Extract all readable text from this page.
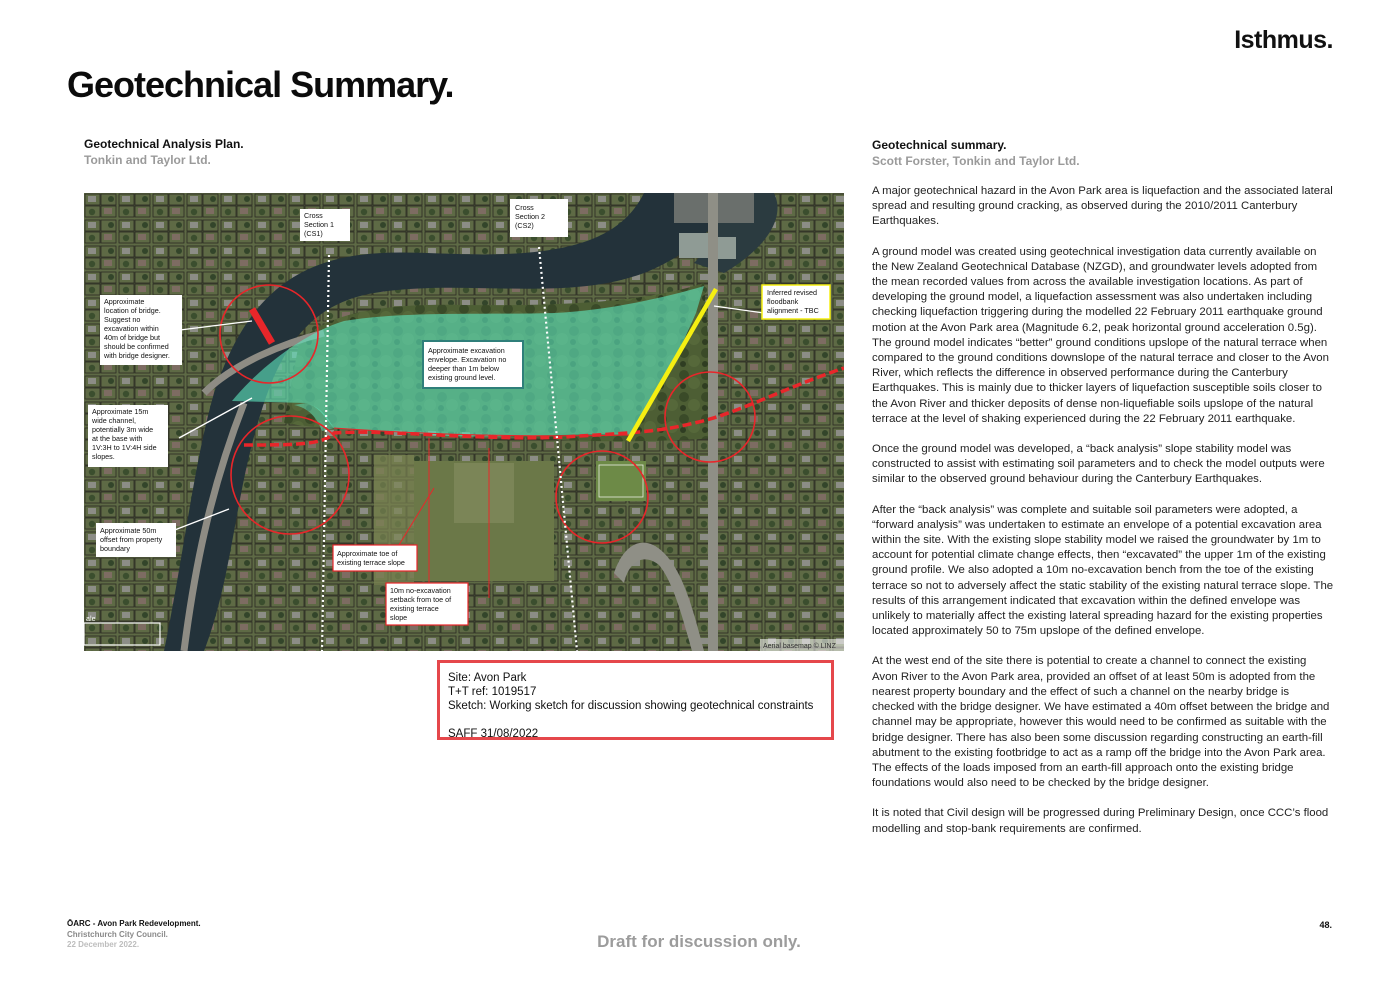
Isthmus.
Geotechnical Summary.
Geotechnical Analysis Plan.
Tonkin and Taylor Ltd.
Approximate
location of bridge.
Suggest no
excavation within
40m of bridge but
should be confirmed
with bridge designer.
Approximate 15m
wide channel,
potentially 3m wide
at the base with
1V:3H to 1V:4H side
slopes.
Approximate 50m
offset from property
boundary
Cross
Section 1
(CS1)
Cross
Section 2
(CS2)
Approximate excavation
envelope. Excavation no
deeper than 1m below
existing ground level.
Inferred revised
floodbank
alignment - TBC
Approximate toe of
existing terrace slope
10m no-excavation
setback from toe of
existing terrace
slope
ale
Aerial basemap © LINZ
Site: Avon Park
T+T ref: 1019517
Sketch: Working sketch for discussion showing geotechnical constraints
SAFF 31/08/2022
Geotechnical summary.
Scott Forster, Tonkin and Taylor Ltd.

A major geotechnical hazard in the Avon Park area is liquefaction and the associated lateral spread and resulting ground cracking, as observed during the 2010/2011 Canterbury Earthquakes.

A ground model was created using geotechnical investigation data currently available on the New Zealand Geotechnical Database (NZGD), and groundwater levels adopted from the mean recorded values from across the available investigation locations. As part of developing the ground model, a liquefaction assessment was also undertaken including checking liquefaction triggering during the modelled 22 February 2011 earthquake ground motion at the Avon Park area (Magnitude 6.2, peak horizontal ground acceleration 0.5g). The ground model indicates “better” ground conditions upslope of the natural terrace when compared to the ground conditions downslope of the natural terrace and closer to the Avon River, which reflects the difference in observed performance during the Canterbury Earthquakes. This is mainly due to thicker layers of liquefaction susceptible soils closer to the Avon River and thicker deposits of dense non-liquefiable soils upslope of the natural terrace at the level of shaking experienced during the 22 February 2011 earthquake.

Once the ground model was developed, a “back analysis” slope stability model was constructed to assist with estimating soil parameters and to check the model outputs were similar to the observed ground behaviour during the Canterbury Earthquakes.

After the “back analysis” was complete and suitable soil parameters were adopted, a “forward analysis” was undertaken to estimate an envelope of a potential excavation area within the site. With the existing slope stability model we raised the groundwater by 1m to account for potential climate change effects, then “excavated” the upper 1m of the existing ground profile. We also adopted a 10m no-excavation bench from the toe of the existing terrace so not to adversely affect the static stability of the existing natural terrace slope. The results of this arrangement indicated that excavation within the defined envelope was unlikely to materially affect the existing lateral spreading hazard for the existing properties located approximately 50 to 75m upslope of the defined envelope.

At the west end of the site there is potential to create a channel to connect the existing Avon River to the Avon Park area, provided an offset of at least 50m is adopted from the nearest property boundary and the effect of such a channel on the nearby bridge is checked with the bridge designer. We have estimated a 40m offset between the bridge and channel may be appropriate, however this would need to be confirmed as suitable with the bridge designer. There has also been some discussion regarding constructing an earth-fill abutment to the existing footbridge to act as a ramp off the bridge into the Avon Park area. The effects of the loads imposed from an earth-fill approach onto the existing bridge foundations would also need to be checked by the bridge designer.

It is noted that Civil design will be progressed during Preliminary Design, once CCC’s flood modelling and stop-bank requirements are confirmed.

ŌARC - Avon Park Redevelopment.
Christchurch City Council.
22 December 2022.	Draft for discussion only.
48.
